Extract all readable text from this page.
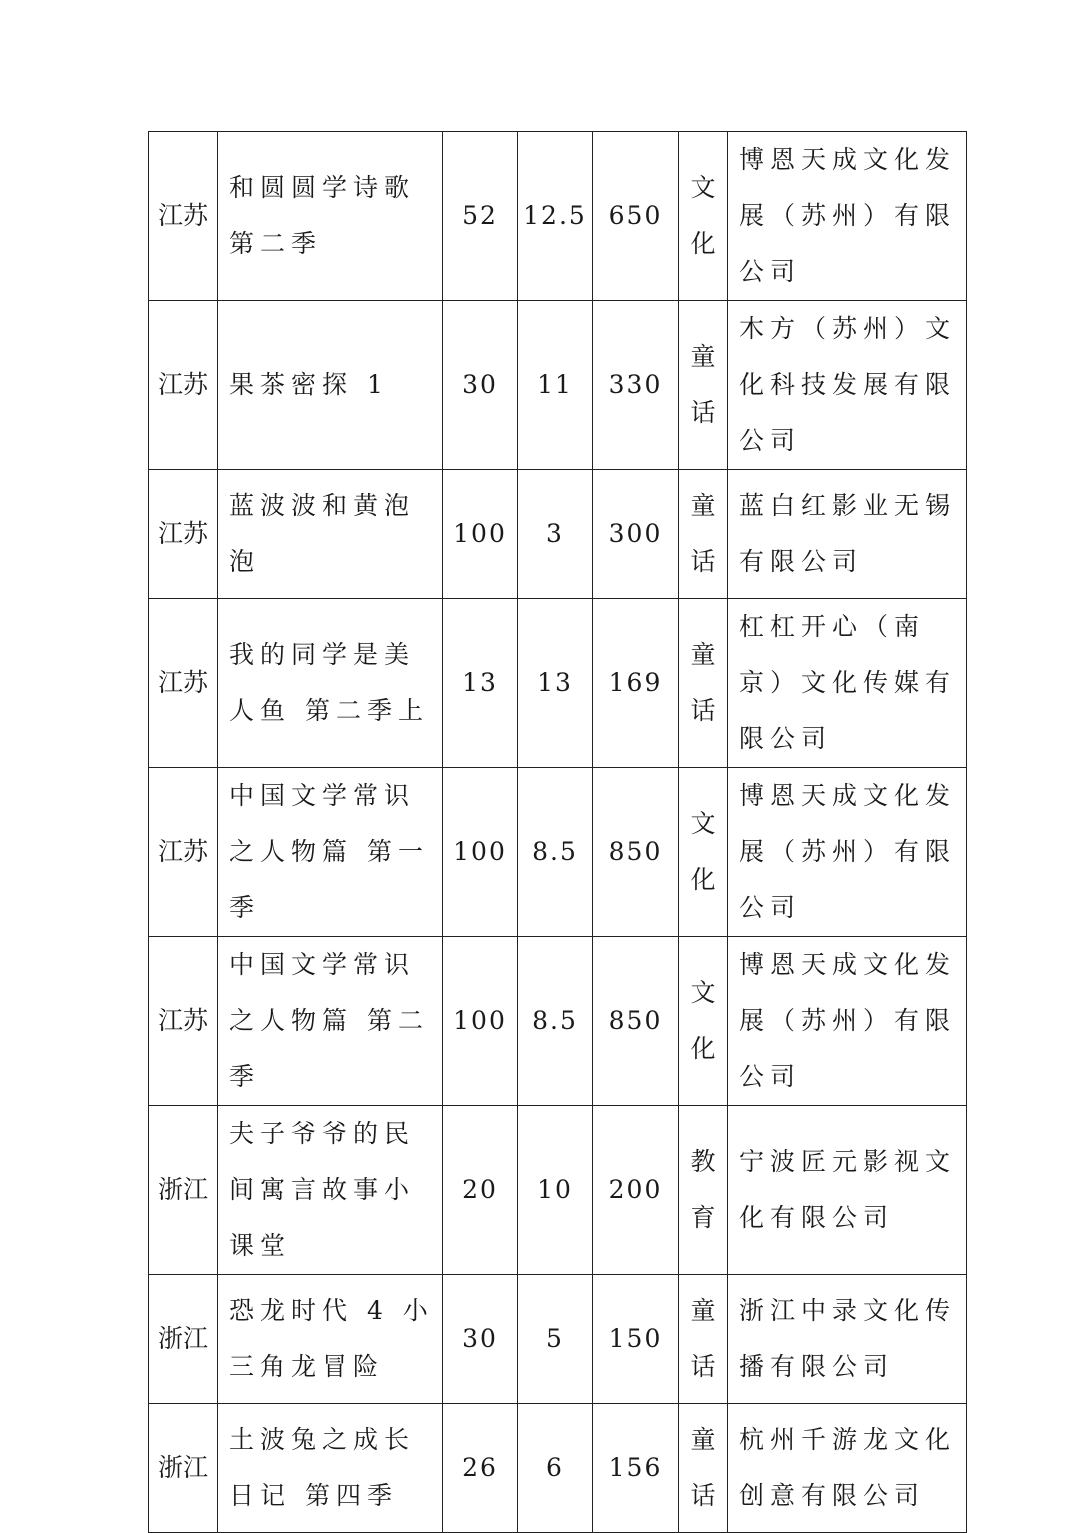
江苏	和圆圆学诗歌第二季	52	12.5	650	文化	博恩天成文化发展（苏州）有限公司

江苏	果茶密探 1	30	11	330	童话	木方（苏州）文化科技发展有限公司

江苏	蓝波波和黄泡泡	100	3	300	童话	蓝白红影业无锡有限公司

江苏	我的同学是美人鱼 第二季上	13	13	169	童话	杠杠开心（南京）文化传媒有限公司

江苏	中国文学常识之人物篇 第一季	100	8.5	850	文化	博恩天成文化发展（苏州）有限公司

江苏	中国文学常识之人物篇 第二季	100	8.5	850	文化	博恩天成文化发展（苏州）有限公司

浙江	夫子爷爷的民间寓言故事小课堂	20	10	200	教育	宁波匠元影视文化有限公司

浙江	恐龙时代 4 小三角龙冒险	30	5	150	童话	浙江中录文化传播有限公司

浙江	土波兔之成长日记 第四季	26	6	156	童话	杭州千游龙文化创意有限公司
